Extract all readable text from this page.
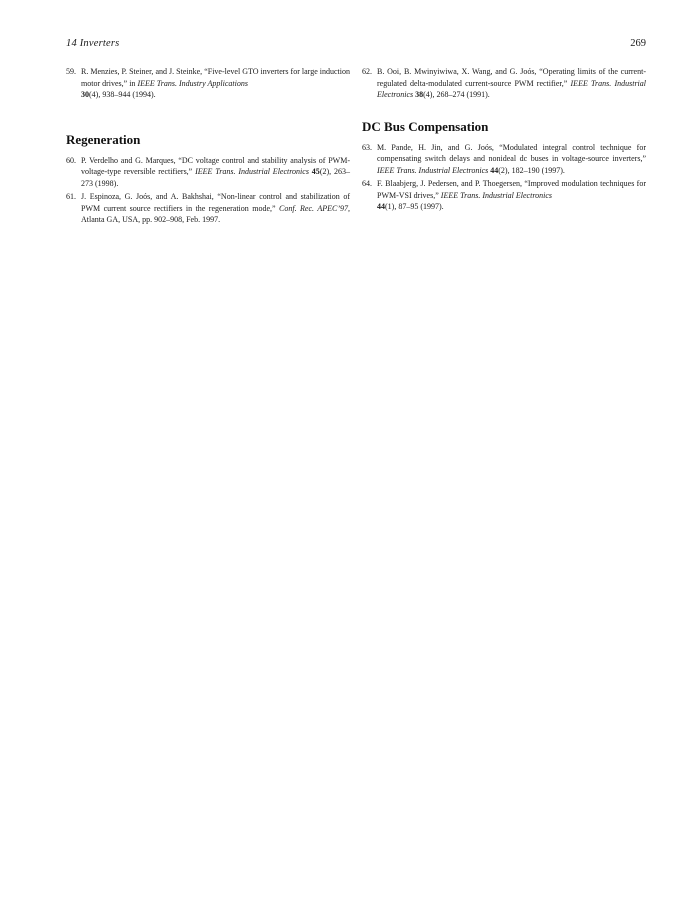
14 Inverters	269
59. R. Menzies, P. Steiner, and J. Steinke, “Five-level GTO inverters for large induction motor drives,” in IEEE Trans. Industry Applications
30(4), 938–944 (1994).
Regeneration
60. P. Verdelho and G. Marques, “DC voltage control and stability analysis of PWM-voltage-type reversible rectifiers,” IEEE Trans. Industrial Electronics 45(2), 263–273 (1998).
61. J. Espinoza, G. Joós, and A. Bakhshai, “Non-linear control and stabilization of PWM current source rectifiers in the regeneration mode,” Conf. Rec. APEC’97, Atlanta GA, USA, pp. 902–908, Feb. 1997.
62. B. Ooi, B. Mwinyiwiwa, X. Wang, and G. Joós, “Operating limits of the current-regulated delta-modulated current-source PWM rectifier,” IEEE Trans. Industrial Electronics 38(4), 268–274 (1991).
DC Bus Compensation
63. M. Pande, H. Jin, and G. Joós, “Modulated integral control technique for compensating switch delays and nonideal dc buses in voltage-source inverters,” IEEE Trans. Industrial Electronics 44(2), 182–190 (1997).
64. F. Blaabjerg, J. Pedersen, and P. Thoegersen, “Improved modulation techniques for PWM-VSI drives,” IEEE Trans. Industrial Electronics
44(1), 87–95 (1997).
